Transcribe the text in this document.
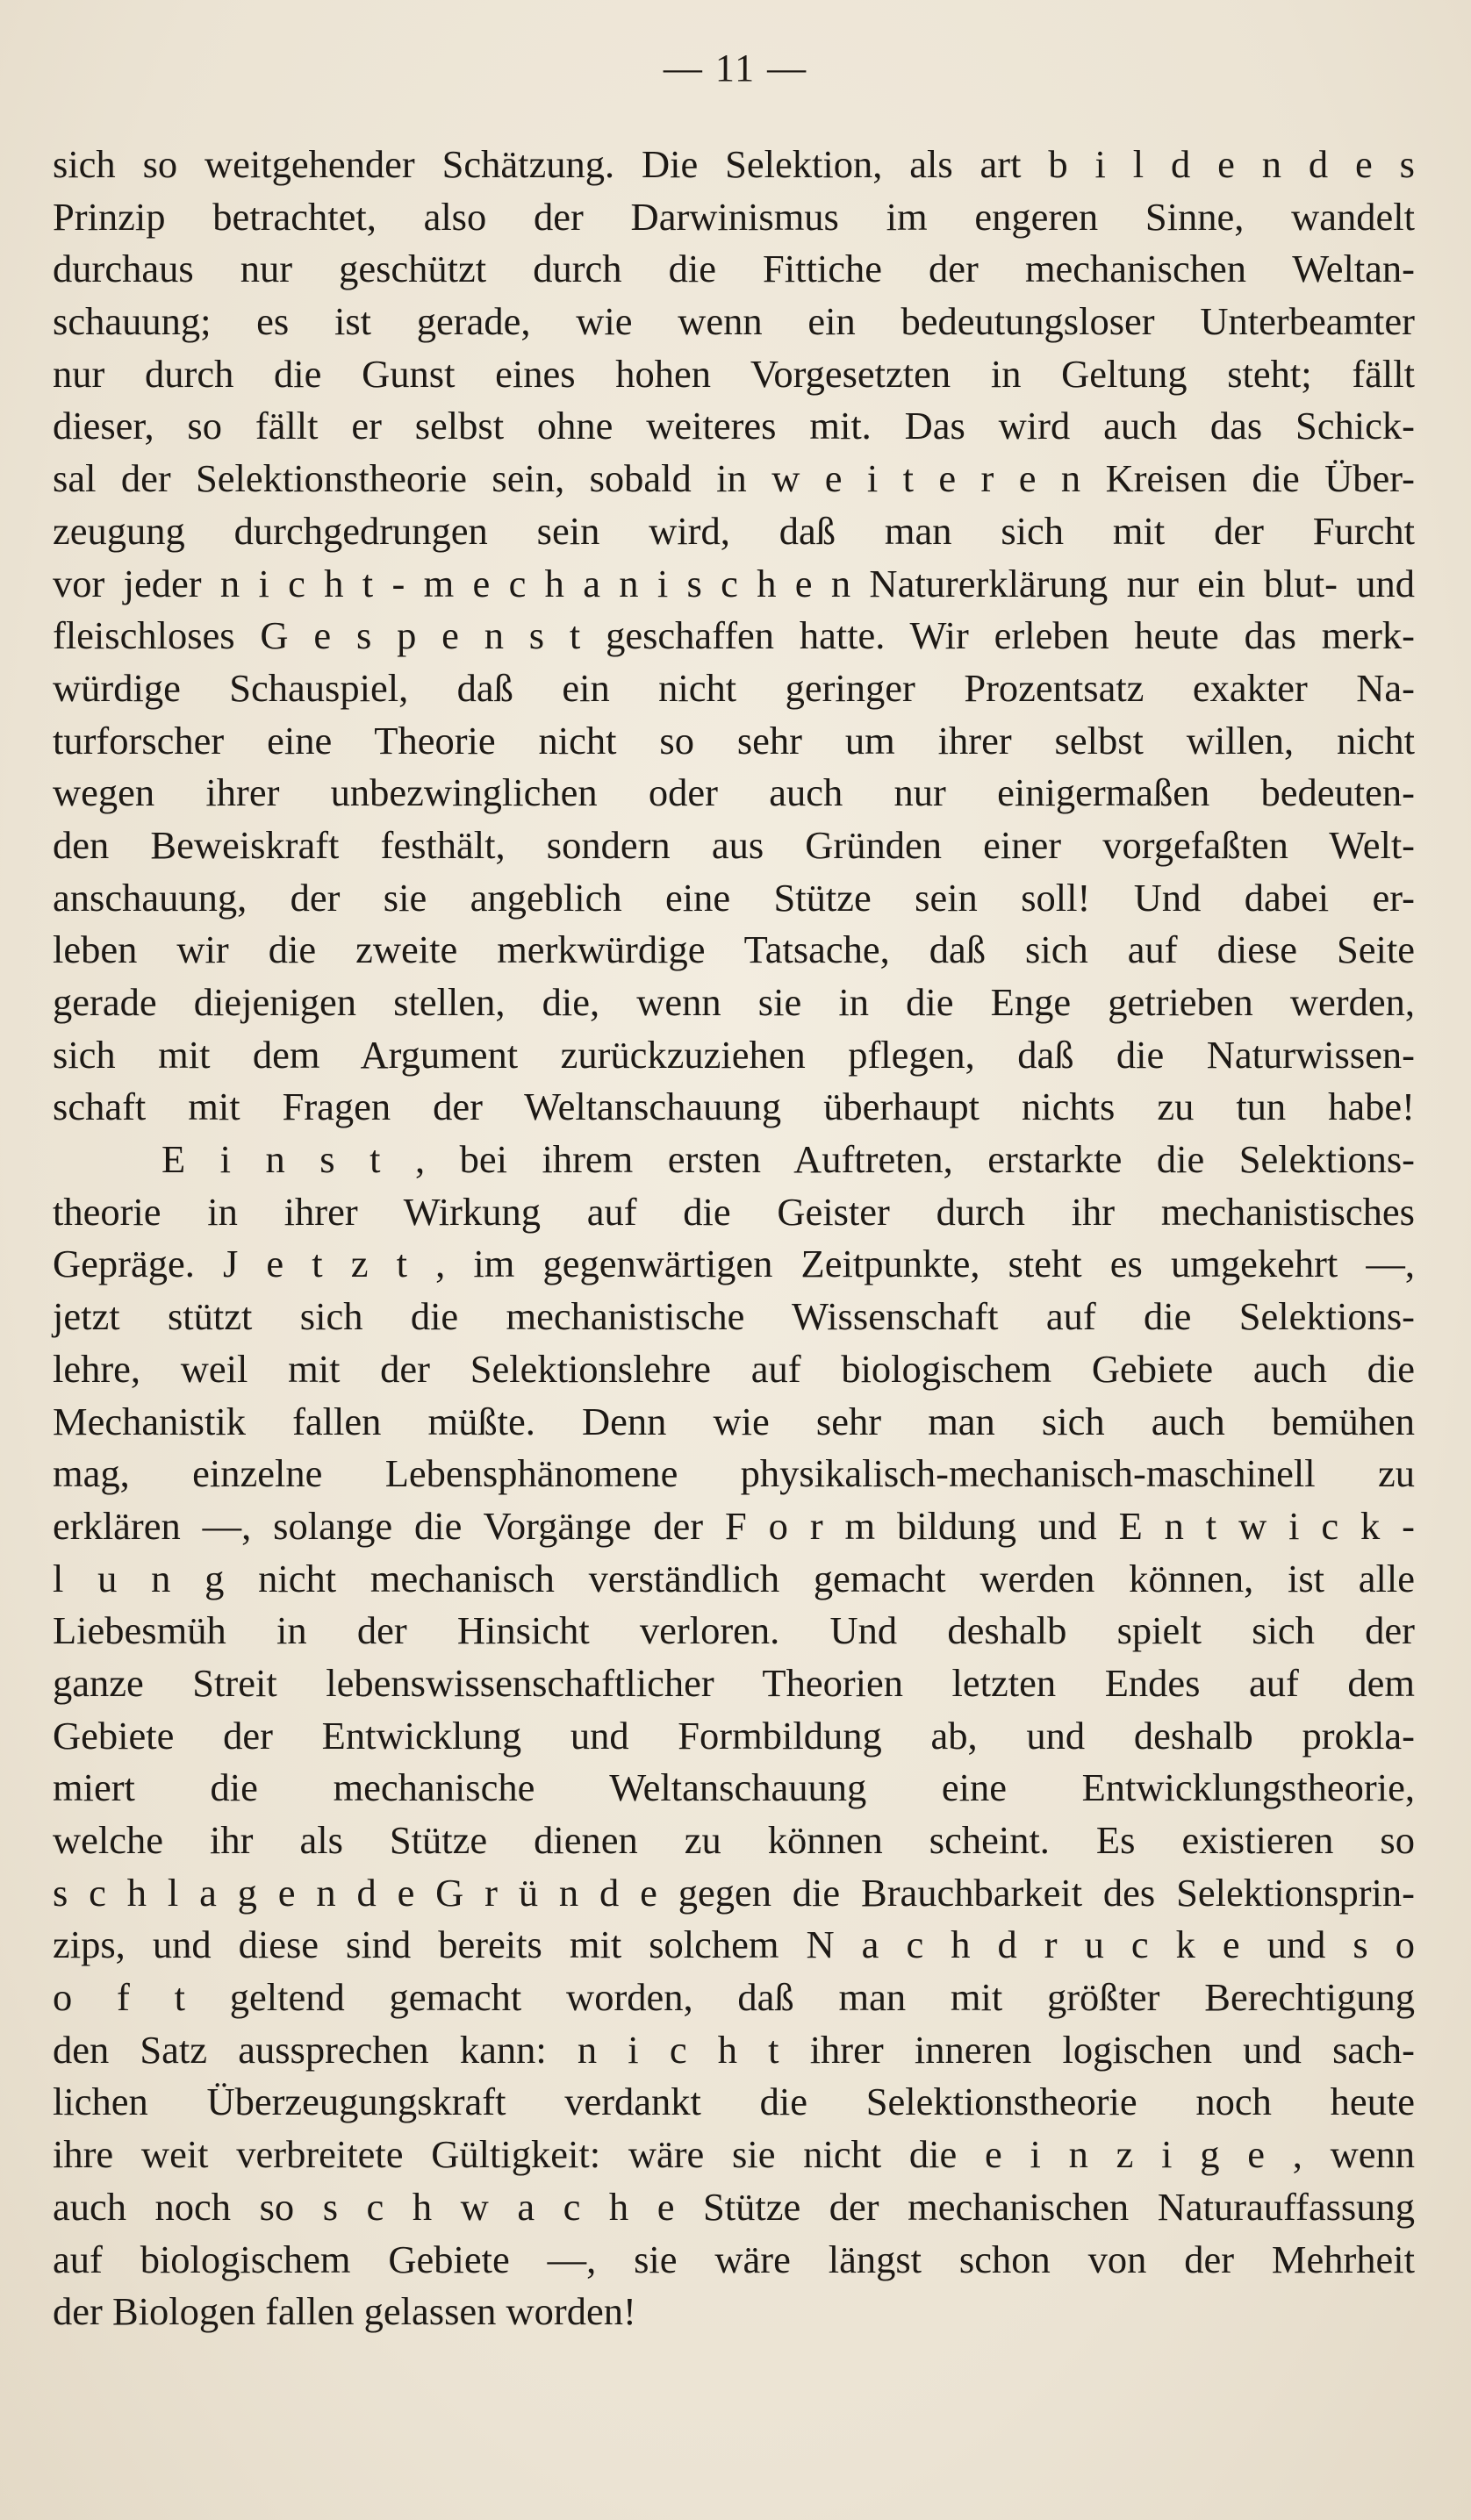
— 11 —
sich so weitgehender Schätzung. Die Selektion, als art b i l d e n d e s
Prinzip betrachtet, also der Darwinismus im engeren Sinne, wandelt
durchaus nur geschützt durch die Fittiche der mechanischen Weltan-
schauung; es ist gerade, wie wenn ein bedeutungsloser Unterbeamter
nur durch die Gunst eines hohen Vorgesetzten in Geltung steht; fällt
dieser, so fällt er selbst ohne weiteres mit. Das wird auch das Schick-
sal der Selektionstheorie sein, sobald in w e i t e r e n Kreisen die Über-
zeugung durchgedrungen sein wird, daß man sich mit der Furcht
vor jeder n i c h t - m e c h a n i s c h e n Naturerklärung nur ein blut- und
fleischloses G e s p e n s t geschaffen hatte. Wir erleben heute das merk-
würdige Schauspiel, daß ein nicht geringer Prozentsatz exakter Na-
turforscher eine Theorie nicht so sehr um ihrer selbst willen, nicht
wegen ihrer unbezwinglichen oder auch nur einigermaßen bedeuten-
den Beweiskraft festhält, sondern aus Gründen einer vorgefaßten Welt-
anschauung, der sie angeblich eine Stütze sein soll! Und dabei er-
leben wir die zweite merkwürdige Tatsache, daß sich auf diese Seite
gerade diejenigen stellen, die, wenn sie in die Enge getrieben werden,
sich mit dem Argument zurückzuziehen pflegen, daß die Naturwissen-
schaft mit Fragen der Weltanschauung überhaupt nichts zu tun habe!
E i n s t , bei ihrem ersten Auftreten, erstarkte die Selektions-
theorie in ihrer Wirkung auf die Geister durch ihr mechanistisches
Gepräge. J e t z t , im gegenwärtigen Zeitpunkte, steht es umgekehrt —,
jetzt stützt sich die mechanistische Wissenschaft auf die Selektions-
lehre, weil mit der Selektionslehre auf biologischem Gebiete auch die
Mechanistik fallen müßte. Denn wie sehr man sich auch bemühen
mag, einzelne Lebensphänomene physikalisch-mechanisch-maschinell zu
erklären —, solange die Vorgänge der F o r m bildung und E n t w i c k -
l u n g nicht mechanisch verständlich gemacht werden können, ist alle
Liebesmüh in der Hinsicht verloren. Und deshalb spielt sich der
ganze Streit lebenswissenschaftlicher Theorien letzten Endes auf dem
Gebiete der Entwicklung und Formbildung ab, und deshalb prokla-
miert die mechanische Weltanschauung eine Entwicklungstheorie,
welche ihr als Stütze dienen zu können scheint. Es existieren so
s c h l a g e n d e G r ü n d e gegen die Brauchbarkeit des Selektionsprin-
zips, und diese sind bereits mit solchem N a c h d r u c k e und s o
o f t geltend gemacht worden, daß man mit größter Berechtigung
den Satz aussprechen kann: n i c h t ihrer inneren logischen und sach-
lichen Überzeugungskraft verdankt die Selektionstheorie noch heute
ihre weit verbreitete Gültigkeit: wäre sie nicht die e i n z i g e , wenn
auch noch so s c h w a c h e Stütze der mechanischen Naturauffassung
auf biologischem Gebiete —, sie wäre längst schon von der Mehrheit
der Biologen fallen gelassen worden!
